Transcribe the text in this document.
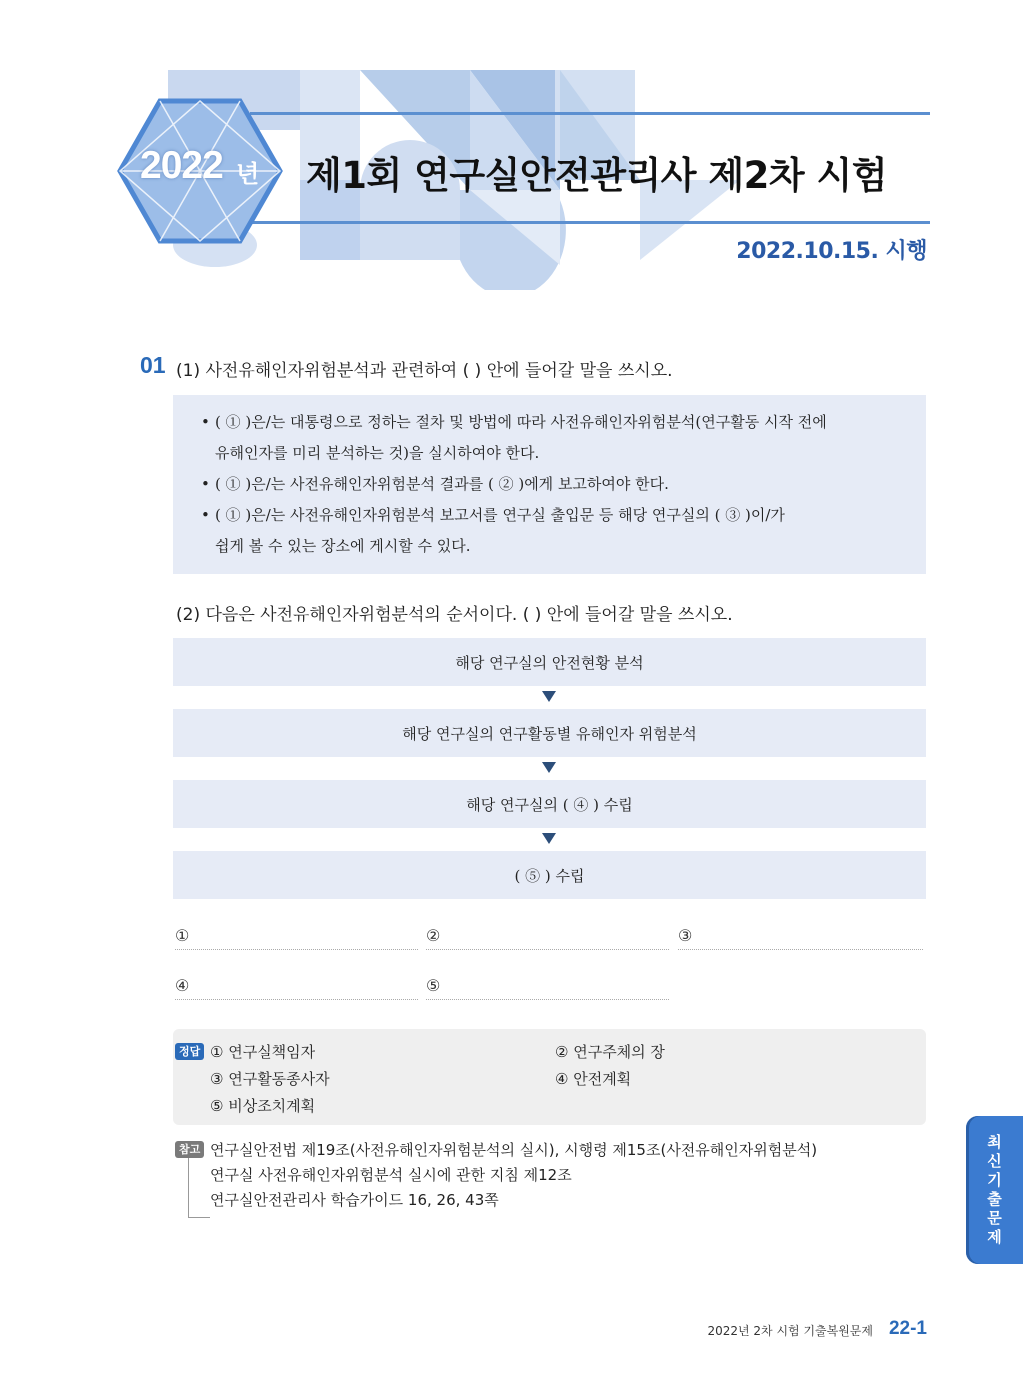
2022 년 제1회 연구실안전관리사 제2차 시험
2022.10.15. 시행
01 (1) 사전유해인자위험분석과 관련하여 ( ) 안에 들어갈 말을 쓰시오.
• ( ① )은/는 대통령으로 정하는 절차 및 방법에 따라 사전유해인자위험분석(연구활동 시작 전에
유해인자를 미리 분석하는 것)을 실시하여야 한다.
• ( ① )은/는 사전유해인자위험분석 결과를 ( ② )에게 보고하여야 한다.
• ( ① )은/는 사전유해인자위험분석 보고서를 연구실 출입문 등 해당 연구실의 ( ③ )이/가
쉽게 볼 수 있는 장소에 게시할 수 있다.
(2) 다음은 사전유해인자위험분석의 순서이다. ( ) 안에 들어갈 말을 쓰시오.
해당 연구실의 안전현황 분석
해당 연구실의 연구활동별 유해인자 위험분석
해당 연구실의 ( ④ ) 수립
( ⑤ ) 수립
①	②	③
④	⑤
정답 ① 연구실책임자	② 연구주체의 장
③ 연구활동종사자	④ 안전계획
⑤ 비상조치계획
참고 연구실안전법 제19조(사전유해인자위험분석의 실시), 시행령 제15조(사전유해인자위험분석)
연구실 사전유해인자위험분석 실시에 관한 지침 제12조
연구실안전관리사 학습가이드 16, 26, 43쪽
최
신
기
출
문
제
2022년 2차 시험 기출복원문제 22-1
